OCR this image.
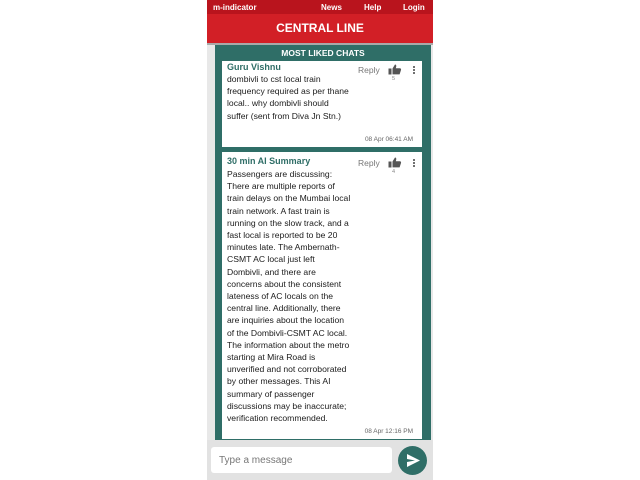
m-indicator	News	Help	Login
CENTRAL LINE
MOST LIKED CHATS
Guru Vishnu
dombivli to cst local train frequency required as per thane local.. why dombivli should suffer (sent from Diva Jn Stn.)
Reply
5
08 Apr 06:41 AM
30 min AI Summary
Passengers are discussing:
There are multiple reports of train delays on the Mumbai local train network. A fast train is running on the slow track, and a fast local is reported to be 20 minutes late. The Ambernath-CSMT AC local just left Dombivli, and there are concerns about the consistent lateness of AC locals on the central line. Additionally, there are inquiries about the location of the Dombivli-CSMT AC local. The information about the metro starting at Mira Road is unverified and not corroborated by other messages. This AI summary of passenger discussions may be inaccurate; verification recommended.
Reply
4
08 Apr 12:16 PM
Type a message
